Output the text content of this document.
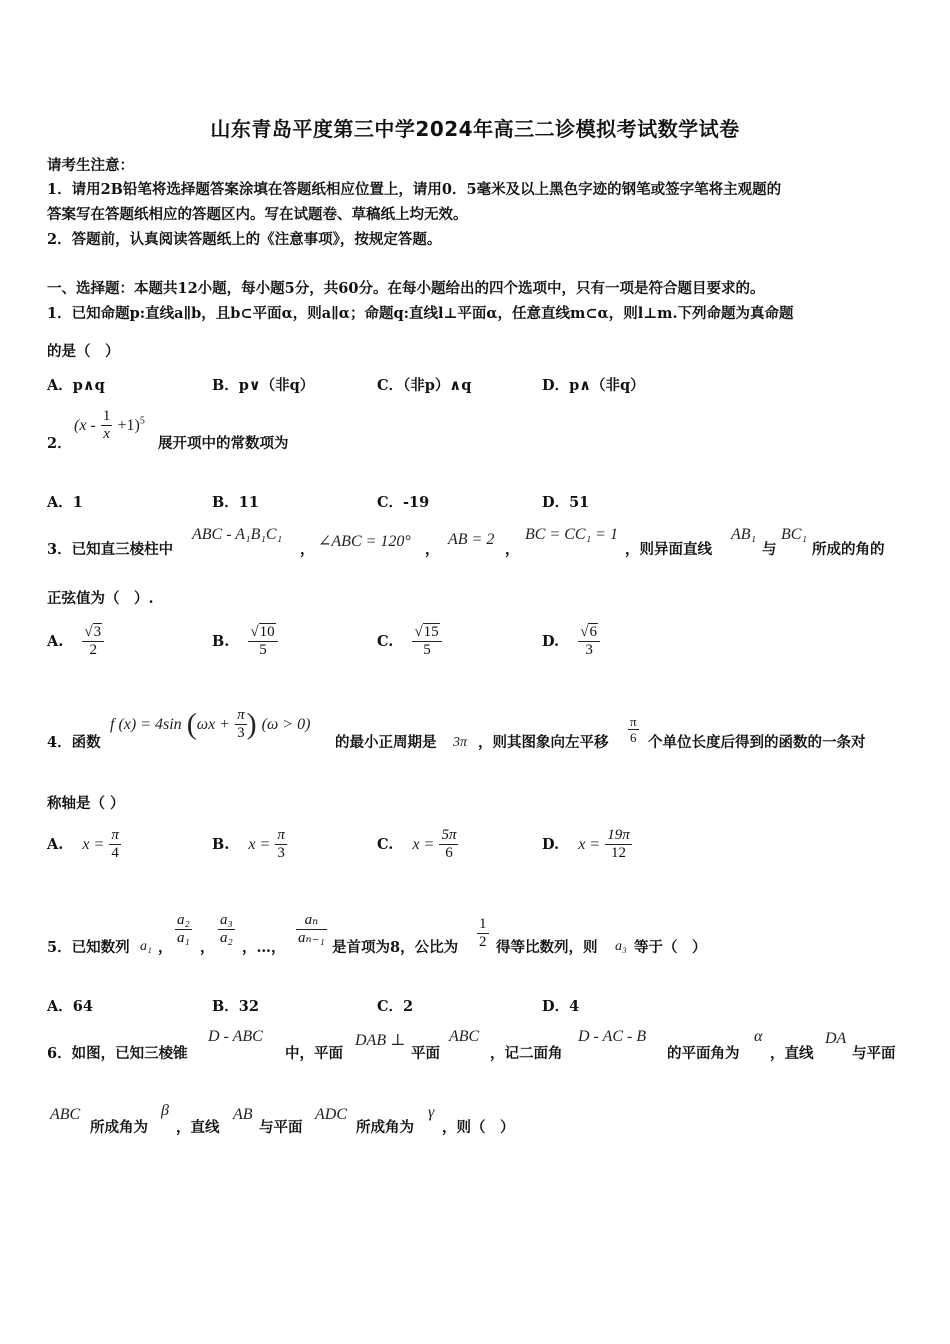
山东青岛平度第三中学2024年高三二诊模拟考试数学试卷
请考生注意：
1．请用2B铅笔将选择题答案涂填在答题纸相应位置上，请用0．5毫米及以上黑色字迹的钢笔或签字笔将主观题的
答案写在答题纸相应的答题区内。写在试题卷、草稿纸上均无效。
2．答题前，认真阅读答题纸上的《注意事项》，按规定答题。
一、选择题：本题共12小题，每小题5分，共60分。在每小题给出的四个选项中，只有一项是符合题目要求的。
1．已知命题p:直线a∥b，且b⊂平面α，则a∥α；命题q:直线l⊥平面α，任意直线m⊂α，则l⊥m.下列命题为真命题
的是（　）
A．p∧q	B．p∨（非q）	C．（非p）∧q	D．p∧（非q）
2．
$(x - \frac{1}{x} +1)^5$
展开项中的常数项为
A．1	B．11	C．-19	D．51
3．已知直三棱柱中
ABC - A₁B₁C₁
， ∠ABC = 120° ，
AB = 2
，
BC = CC₁ = 1
，则异面直线
AB₁
与
BC₁
所成的角的
正弦值为（　）.
A. $\frac{√3}{2}$	B. $\frac{√10}{5}$	C. $\frac{√15}{5}$	D. $\frac{√6}{3}$
4．函数
f (x) = 4sin ($\omega x + \frac{\pi}{3}$ ) (ω > 0)
的最小正周期是 3π ，则其图象向左平移 $\frac{\pi}{6}$ 个单位长度后得到的函数的一条对
称轴是（ ）
A. $x = \frac{\pi}{4}$	B. $x = \frac{\pi}{3}$	C. $x = \frac{5\pi}{6}$	D. $x = \frac{19\pi}{12}$
5．已知数列 a₁ ，
$\frac{\text{a₂}}{\text{a₁}}$
，
$\frac{\text{a₃}}{\text{a₂}}$
，…，
$\frac{\text{aₙ}}{\text{aₙ₋₁}}$
是首项为8，公比为 $\frac{1}{2}$ 得等比数列，则 a₃ 等于（　）
A．64	B．32	C．2	D．4
6．如图，已知三棱锥
D - ABC
中，平面
DAB ⊥
平面
ABC
，记二面角
D - AC - B
的平面角为
α
，直线
DA
与平面
ABC
所成角为
β
，直线
AB
与平面
ADC
所成角为
γ
，则（　）
